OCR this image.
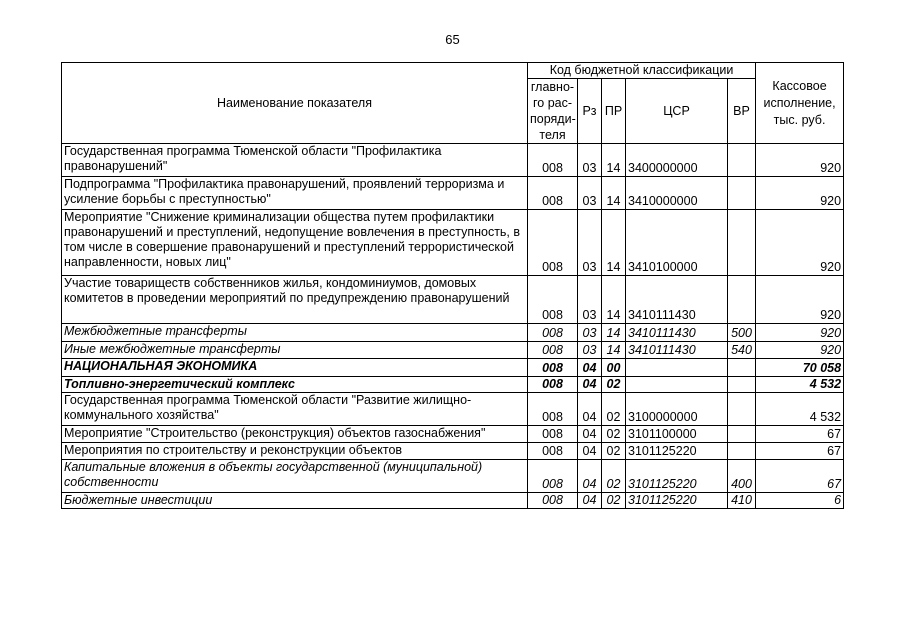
65
Наименование показателя	Код бюджетной классификации					Кассовое исполнение, тыс. руб.
	главно-го рас-поряди-теля	Рз	ПР	ЦСР	ВР	
Государственная программа Тюменской области "Профилактика правонарушений"	008	03	14	3400000000		920
Подпрограмма "Профилактика правонарушений, проявлений терроризма и усиление борьбы с преступностью"	008	03	14	3410000000		920
Мероприятие "Снижение криминализации общества путем профилактики правонарушений и преступлений, недопущение вовлечения в преступность, в том числе в совершение правонарушений и преступлений террористической направленности, новых лиц"	008	03	14	3410100000		920
Участие товариществ собственников жилья, кондоминиумов, домовых комитетов в проведении мероприятий по предупреждению правонарушений	008	03	14	3410111430		920
Межбюджетные трансферты	008	03	14	3410111430	500	920
Иные межбюджетные трансферты	008	03	14	3410111430	540	920
НАЦИОНАЛЬНАЯ ЭКОНОМИКА	008	04	00			70 058
Топливно-энергетический комплекс	008	04	02			4 532
Государственная программа Тюменской области "Развитие жилищно-коммунального хозяйства"	008	04	02	3100000000		4 532
Мероприятие "Строительство (реконструкция) объектов газоснабжения"	008	04	02	3101100000		67
Мероприятия по строительству и реконструкции объектов	008	04	02	3101125220		67
Капитальные вложения в объекты государственной (муниципальной) собственности	008	04	02	3101125220	400	67
Бюджетные инвестиции	008	04	02	3101125220	410	6
